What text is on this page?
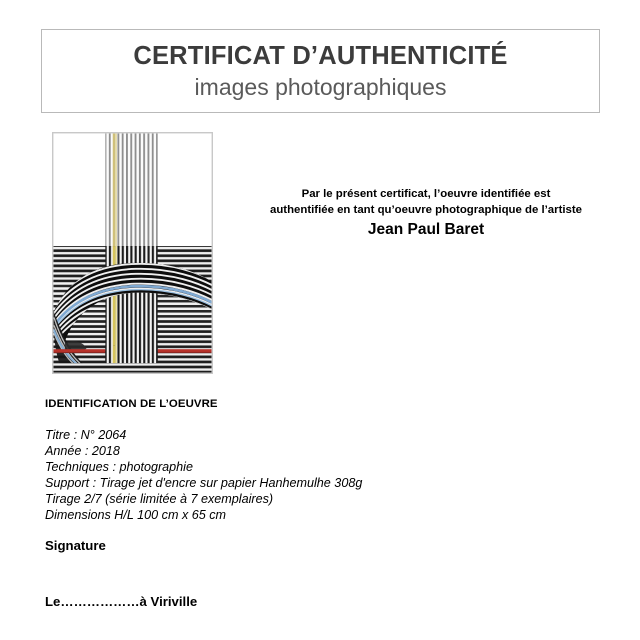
CERTIFICAT D’AUTHENTICITÉ
images photographiques
Par le présent certificat, l’oeuvre identifiée est
authentifiée en tant qu’oeuvre photographique de l’artiste
Jean Paul Baret
IDENTIFICATION DE L’OEUVRE
Titre : N° 2064
Année : 2018
Techniques : photographie
Support : Tirage jet d'encre sur papier Hanhemulhe 308g
Tirage 2/7 (série limitée à 7 exemplaires)
Dimensions H/L 100 cm x 65 cm
Signature
Le………………à Viriville
